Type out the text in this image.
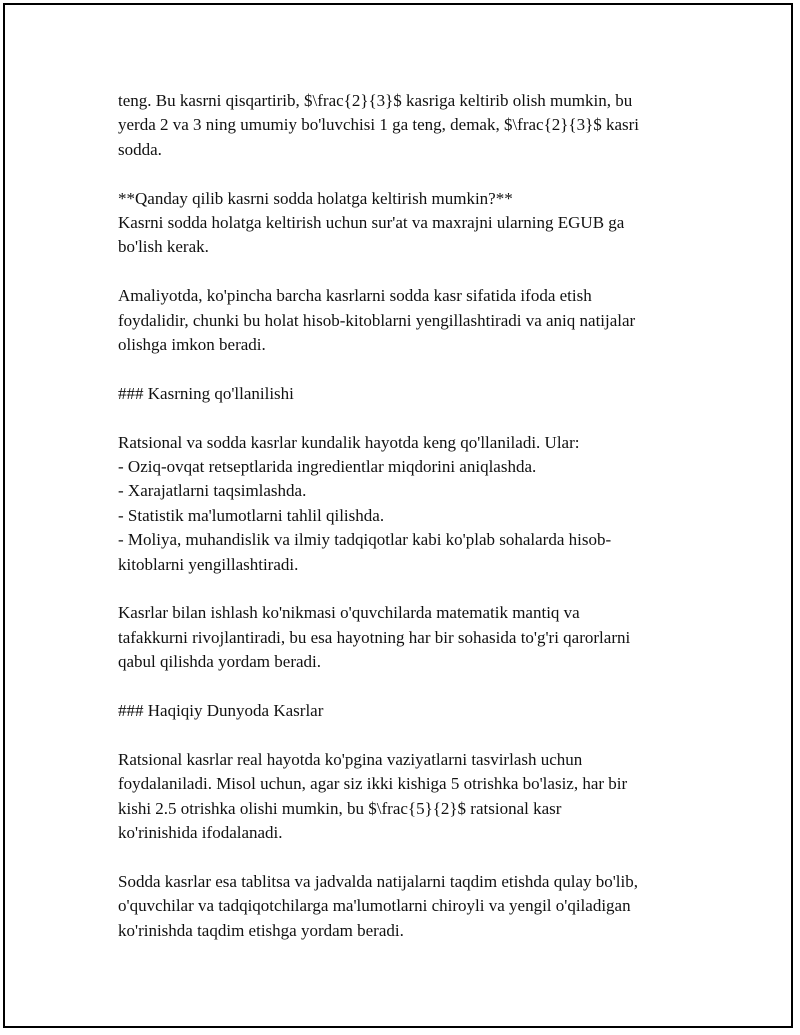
teng. Bu kasrni qisqartirib, $\frac{2}{3}$ kasriga keltirib olish mumkin, bu
yerda 2 va 3 ning umumiy bo'luvchisi 1 ga teng, demak, $\frac{2}{3}$ kasri
sodda.
**Qanday qilib kasrni sodda holatga keltirish mumkin?**
Kasrni sodda holatga keltirish uchun sur'at va maxrajni ularning EGUB ga
bo'lish kerak.
Amaliyotda, ko'pincha barcha kasrlarni sodda kasr sifatida ifoda etish
foydalidir, chunki bu holat hisob-kitoblarni yengillashtiradi va aniq natijalar
olishga imkon beradi.
### Kasrning qo'llanilishi
Ratsional va sodda kasrlar kundalik hayotda keng qo'llaniladi. Ular:
- Oziq-ovqat retseptlarida ingredientlar miqdorini aniqlashda.
- Xarajatlarni taqsimlashda.
- Statistik ma'lumotlarni tahlil qilishda.
- Moliya, muhandislik va ilmiy tadqiqotlar kabi ko'plab sohalarda hisob-
kitoblarni yengillashtiradi.
Kasrlar bilan ishlash ko'nikmasi o'quvchilarda matematik mantiq va
tafakkurni rivojlantiradi, bu esa hayotning har bir sohasida to'g'ri qarorlarni
qabul qilishda yordam beradi.
### Haqiqiy Dunyoda Kasrlar
Ratsional kasrlar real hayotda ko'pgina vaziyatlarni tasvirlash uchun
foydalaniladi. Misol uchun, agar siz ikki kishiga 5 otrishka bo'lasiz, har bir
kishi 2.5 otrishka olishi mumkin, bu $\frac{5}{2}$ ratsional kasr
ko'rinishida ifodalanadi.
Sodda kasrlar esa tablitsa va jadvalda natijalarni taqdim etishda qulay bo'lib,
o'quvchilar va tadqiqotchilarga ma'lumotlarni chiroyli va yengil o'qiladigan
ko'rinishda taqdim etishga yordam beradi.
